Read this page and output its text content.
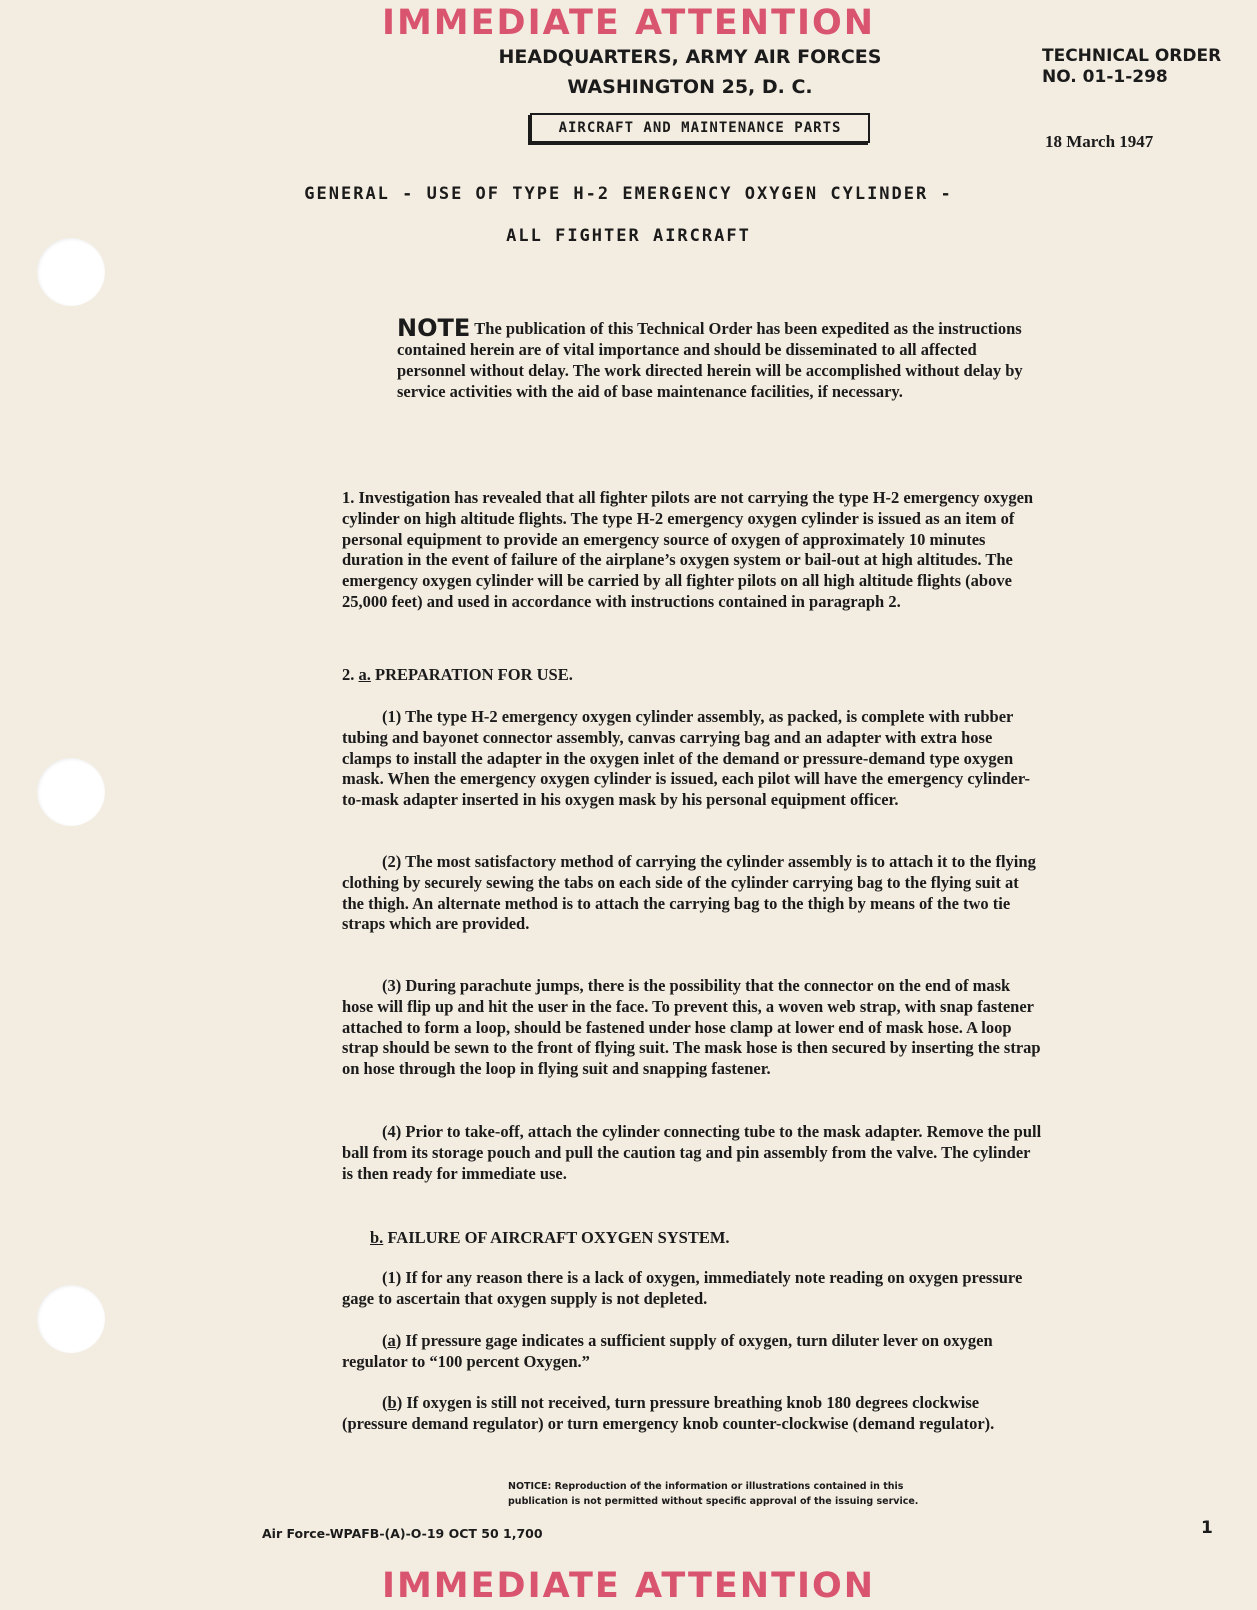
IMMEDIATE ATTENTION
HEADQUARTERS, ARMY AIR FORCES
WASHINGTON 25, D. C.
TECHNICAL ORDER
NO. 01-1-298
AIRCRAFT AND MAINTENANCE PARTS
18 March 1947
GENERAL - USE OF TYPE H-2 EMERGENCY OXYGEN CYLINDER -
ALL FIGHTER AIRCRAFT
NOTE The publication of this Technical Order has been expedited as the instructions contained herein are of vital importance and should be disseminated to all affected personnel without delay. The work directed herein will be accomplished without delay by service activities with the aid of base maintenance facilities, if necessary.
1. Investigation has revealed that all fighter pilots are not carrying the type H-2 emergency oxygen cylinder on high altitude flights. The type H-2 emergency oxygen cylinder is issued as an item of personal equipment to provide an emergency source of oxygen of approximately 10 minutes duration in the event of failure of the airplane’s oxygen system or bail-out at high altitudes. The emergency oxygen cylinder will be carried by all fighter pilots on all high altitude flights (above 25,000 feet) and used in accordance with instructions contained in paragraph 2.
2. a. PREPARATION FOR USE.
(1) The type H-2 emergency oxygen cylinder assembly, as packed, is complete with rubber tubing and bayonet connector assembly, canvas carrying bag and an adapter with extra hose clamps to install the adapter in the oxygen inlet of the demand or pressure-demand type oxygen mask. When the emergency oxygen cylinder is issued, each pilot will have the emergency cylinder-to-mask adapter inserted in his oxygen mask by his personal equipment officer.
(2) The most satisfactory method of carrying the cylinder assembly is to attach it to the flying clothing by securely sewing the tabs on each side of the cylinder carrying bag to the flying suit at the thigh. An alternate method is to attach the carrying bag to the thigh by means of the two tie straps which are provided.
(3) During parachute jumps, there is the possibility that the connector on the end of mask hose will flip up and hit the user in the face. To prevent this, a woven web strap, with snap fastener attached to form a loop, should be fastened under hose clamp at lower end of mask hose. A loop strap should be sewn to the front of flying suit. The mask hose is then secured by inserting the strap on hose through the loop in flying suit and snapping fastener.
(4) Prior to take-off, attach the cylinder connecting tube to the mask adapter. Remove the pull ball from its storage pouch and pull the caution tag and pin assembly from the valve. The cylinder is then ready for immediate use.
b. FAILURE OF AIRCRAFT OXYGEN SYSTEM.
(1) If for any reason there is a lack of oxygen, immediately note reading on oxygen pressure gage to ascertain that oxygen supply is not depleted.
(a) If pressure gage indicates a sufficient supply of oxygen, turn diluter lever on oxygen regulator to “100 percent Oxygen.”
(b) If oxygen is still not received, turn pressure breathing knob 180 degrees clockwise (pressure demand regulator) or turn emergency knob counter-clockwise (demand regulator).
NOTICE: Reproduction of the information or illustrations contained in this
publication is not permitted without specific approval of the issuing service.
Air Force-WPAFB-(A)-O-19 OCT 50 1,700	1
IMMEDIATE ATTENTION
